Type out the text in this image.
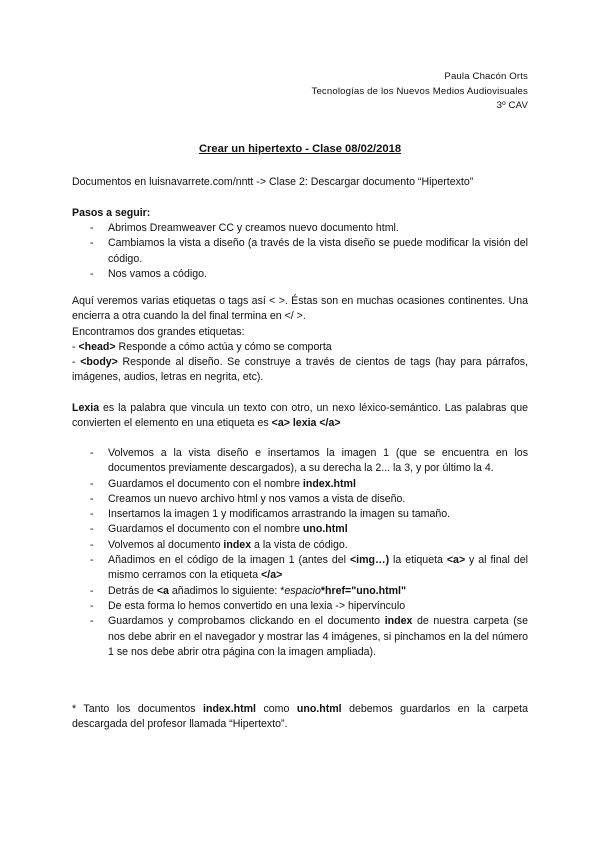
Paula Chacón Orts
Tecnologías de los Nuevos Medios Audiovisuales
3º CAV
Crear un hipertexto - Clase 08/02/2018
Documentos en luisnavarrete.com/nntt -> Clase 2: Descargar documento “Hipertexto”
Pasos a seguir:
- Abrimos Dreamweaver CC y creamos nuevo documento html.
- Cambiamos la vista a diseño (a través de la vista diseño se puede modificar la visión del código.
- Nos vamos a código.
Aquí veremos varias etiquetas o tags así < >. Éstas son en muchas ocasiones continentes. Una encierra a otra cuando la del final termina en </ >.
Encontramos dos grandes etiquetas:
- <head> Responde a cómo actúa y cómo se comporta
- <body> Responde al diseño. Se construye a través de cientos de tags (hay para párrafos, imágenes, audios, letras en negrita, etc).
Lexia es la palabra que vincula un texto con otro, un nexo léxico-semántico. Las palabras que convierten el elemento en una etiqueta es <a> lexia </a>
- Volvemos a la vista diseño e insertamos la imagen 1 (que se encuentra en los documentos previamente descargados), a su derecha la 2... la 3, y por último la 4.
- Guardamos el documento con el nombre index.html
- Creamos un nuevo archivo html y nos vamos a vista de diseño.
- Insertamos la imagen 1 y modificamos arrastrando la imagen su tamaño.
- Guardamos el documento con el nombre uno.html
- Volvemos al documento index a la vista de código.
- Añadimos en el código de la imagen 1 (antes del <img…) la etiqueta <a> y al final del mismo cerramos con la etiqueta </a>
- Detrás de <a añadimos lo siguiente: *espacio*href="uno.html"
- De esta forma lo hemos convertido en una lexia -> hipervínculo
- Guardamos y comprobamos clickando en el documento index de nuestra carpeta (se nos debe abrir en el navegador y mostrar las 4 imágenes, si pinchamos en la del número 1 se nos debe abrir otra página con la imagen ampliada).
* Tanto los documentos index.html como uno.html debemos guardarlos en la carpeta descargada del profesor llamada “Hipertexto”.
